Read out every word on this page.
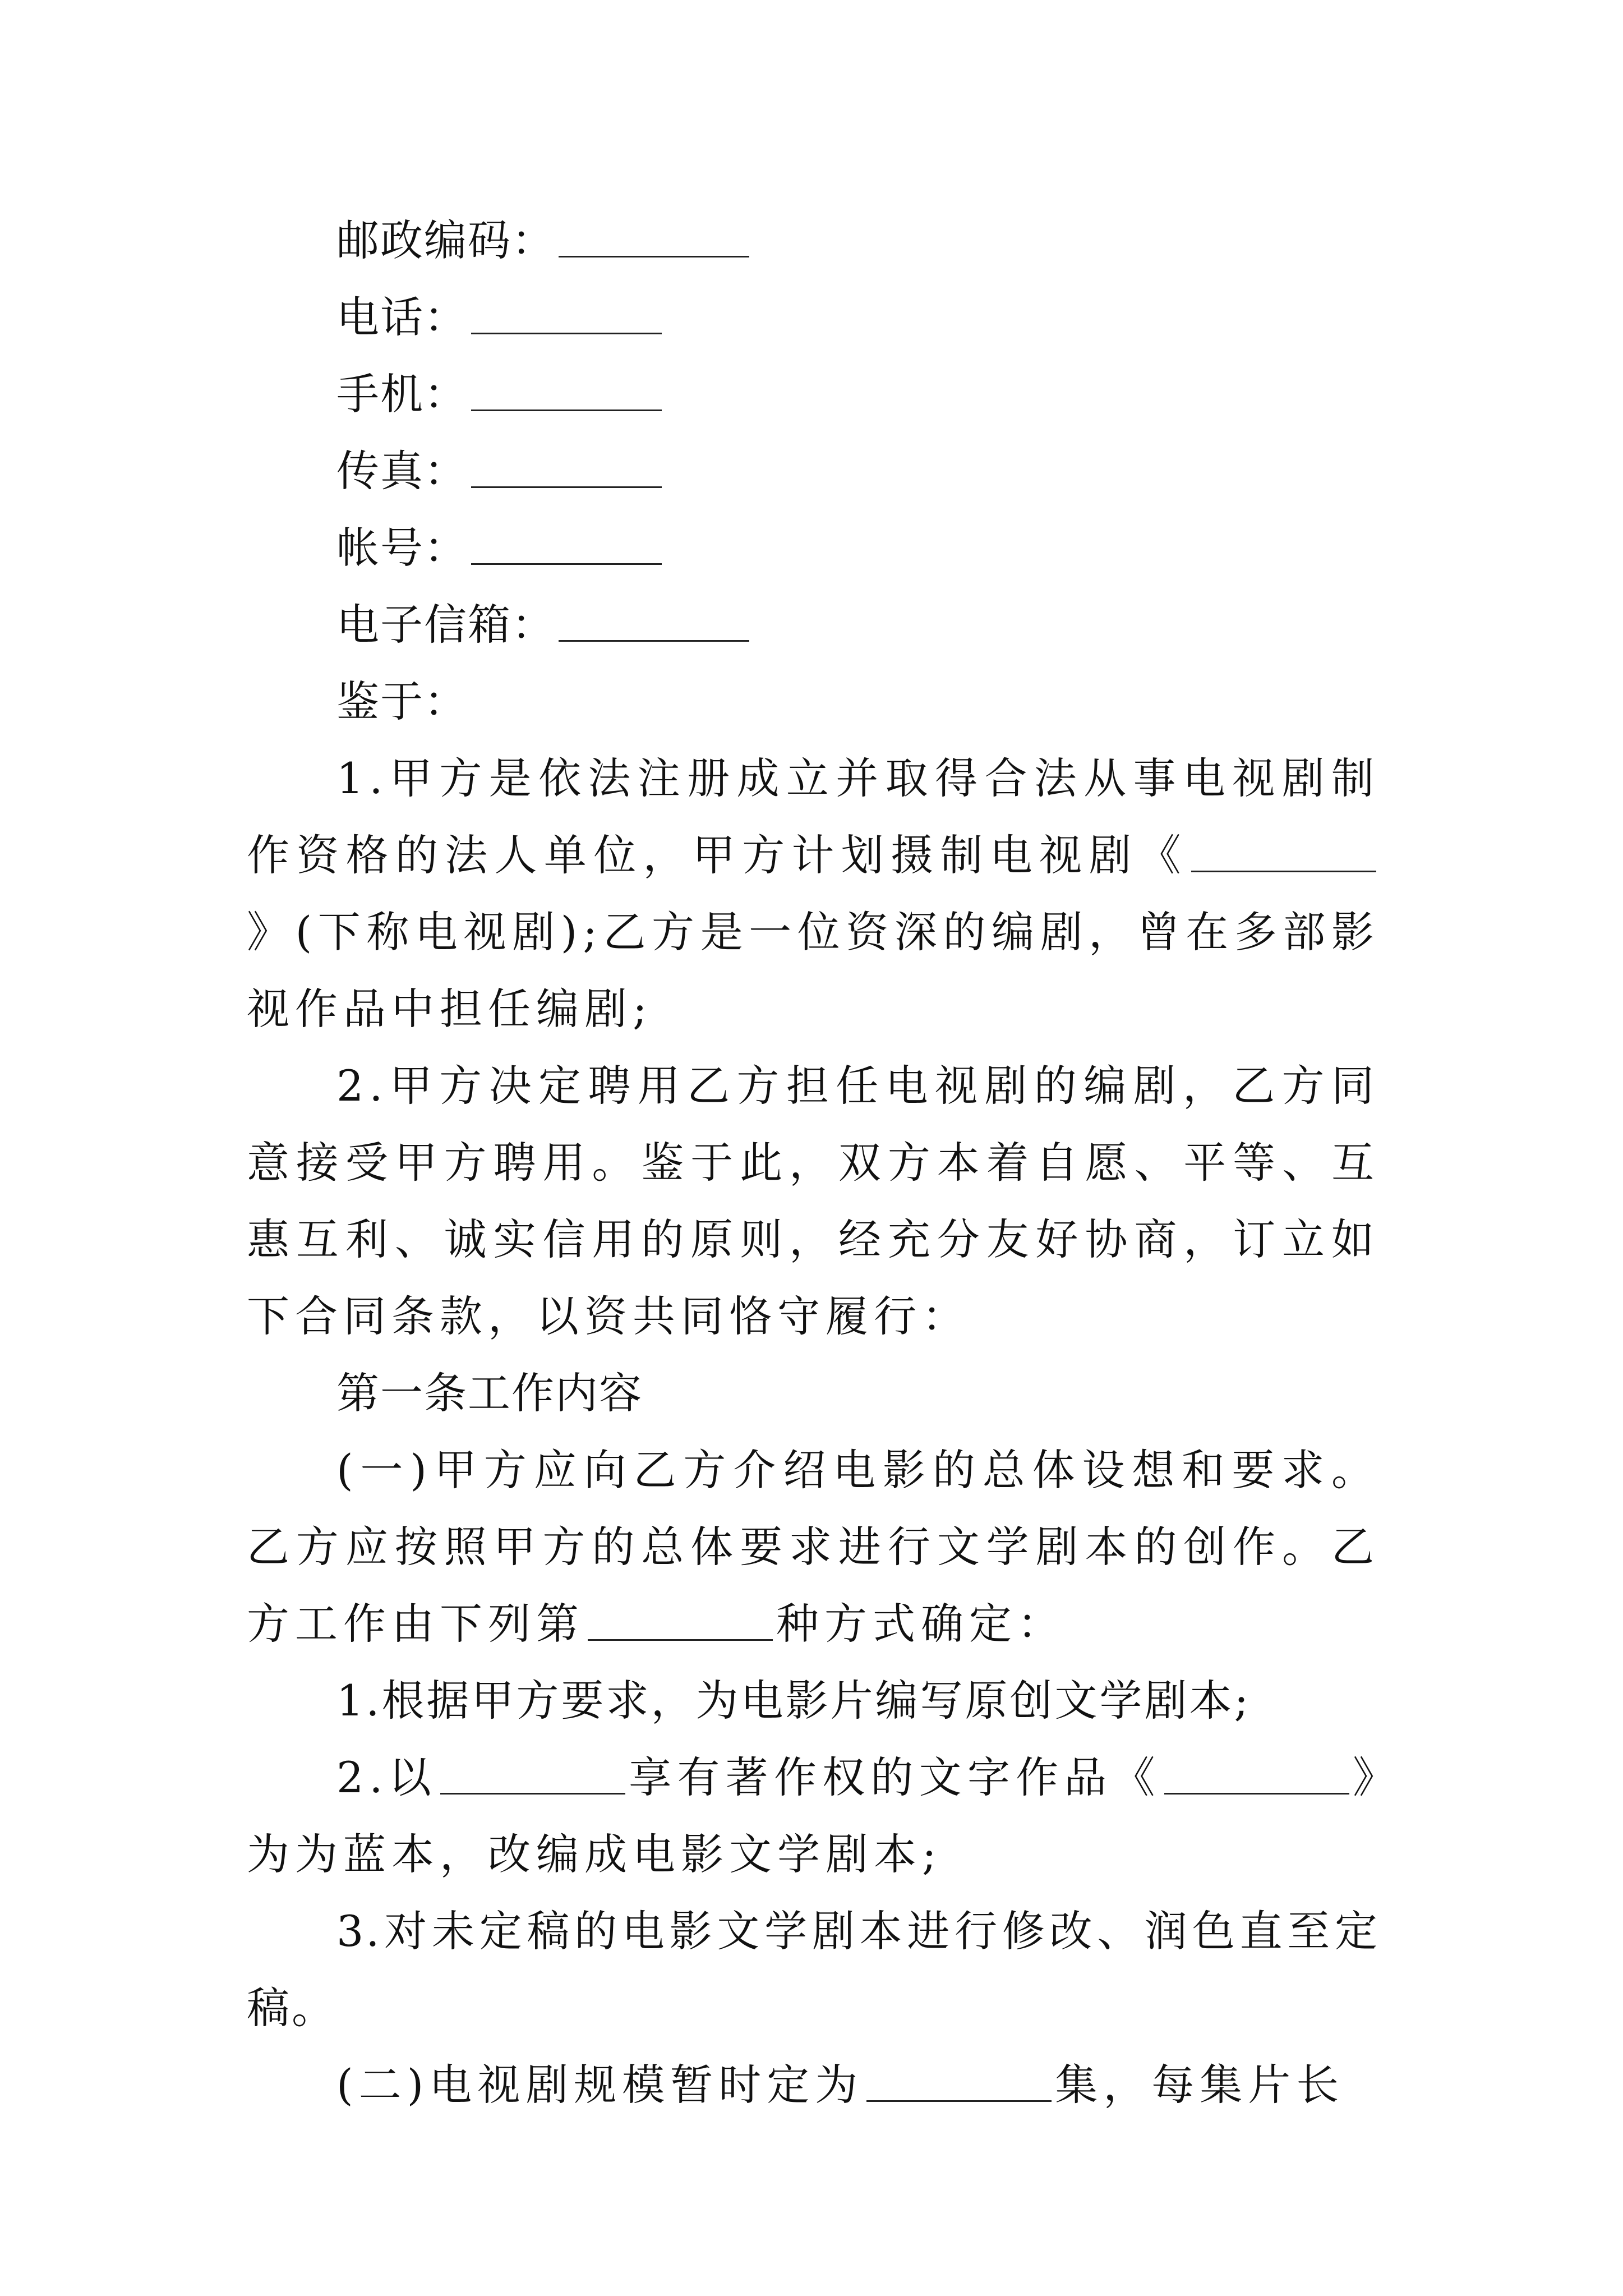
邮政编码：
电话：
手机：
传真：
帐号：
电子信箱：
鉴于：

1.甲方是依法注册成立并取得合法从事电视剧制作资格的法人单位，甲方计划摄制电视剧《》(下称电视剧);乙方是一位资深的编剧，曾在多部影视作品中担任编剧;

2.甲方决定聘用乙方担任电视剧的编剧，乙方同意接受甲方聘用。鉴于此，双方本着自愿、平等、互惠互利、诚实信用的原则，经充分友好协商，订立如下合同条款，以资共同恪守履行：

第一条工作内容

(一)甲方应向乙方介绍电影的总体设想和要求。乙方应按照甲方的总体要求进行文学剧本的创作。乙方工作由下列第	种方式确定：

1.根据甲方要求，为电影片编写原创文学剧本;

2.以	享有著作权的文字作品《	》为为蓝本，改编成电影文学剧本;

3.对未定稿的电影文学剧本进行修改、润色直至定稿。

(二)电视剧规模暂时定为	集，每集片长
